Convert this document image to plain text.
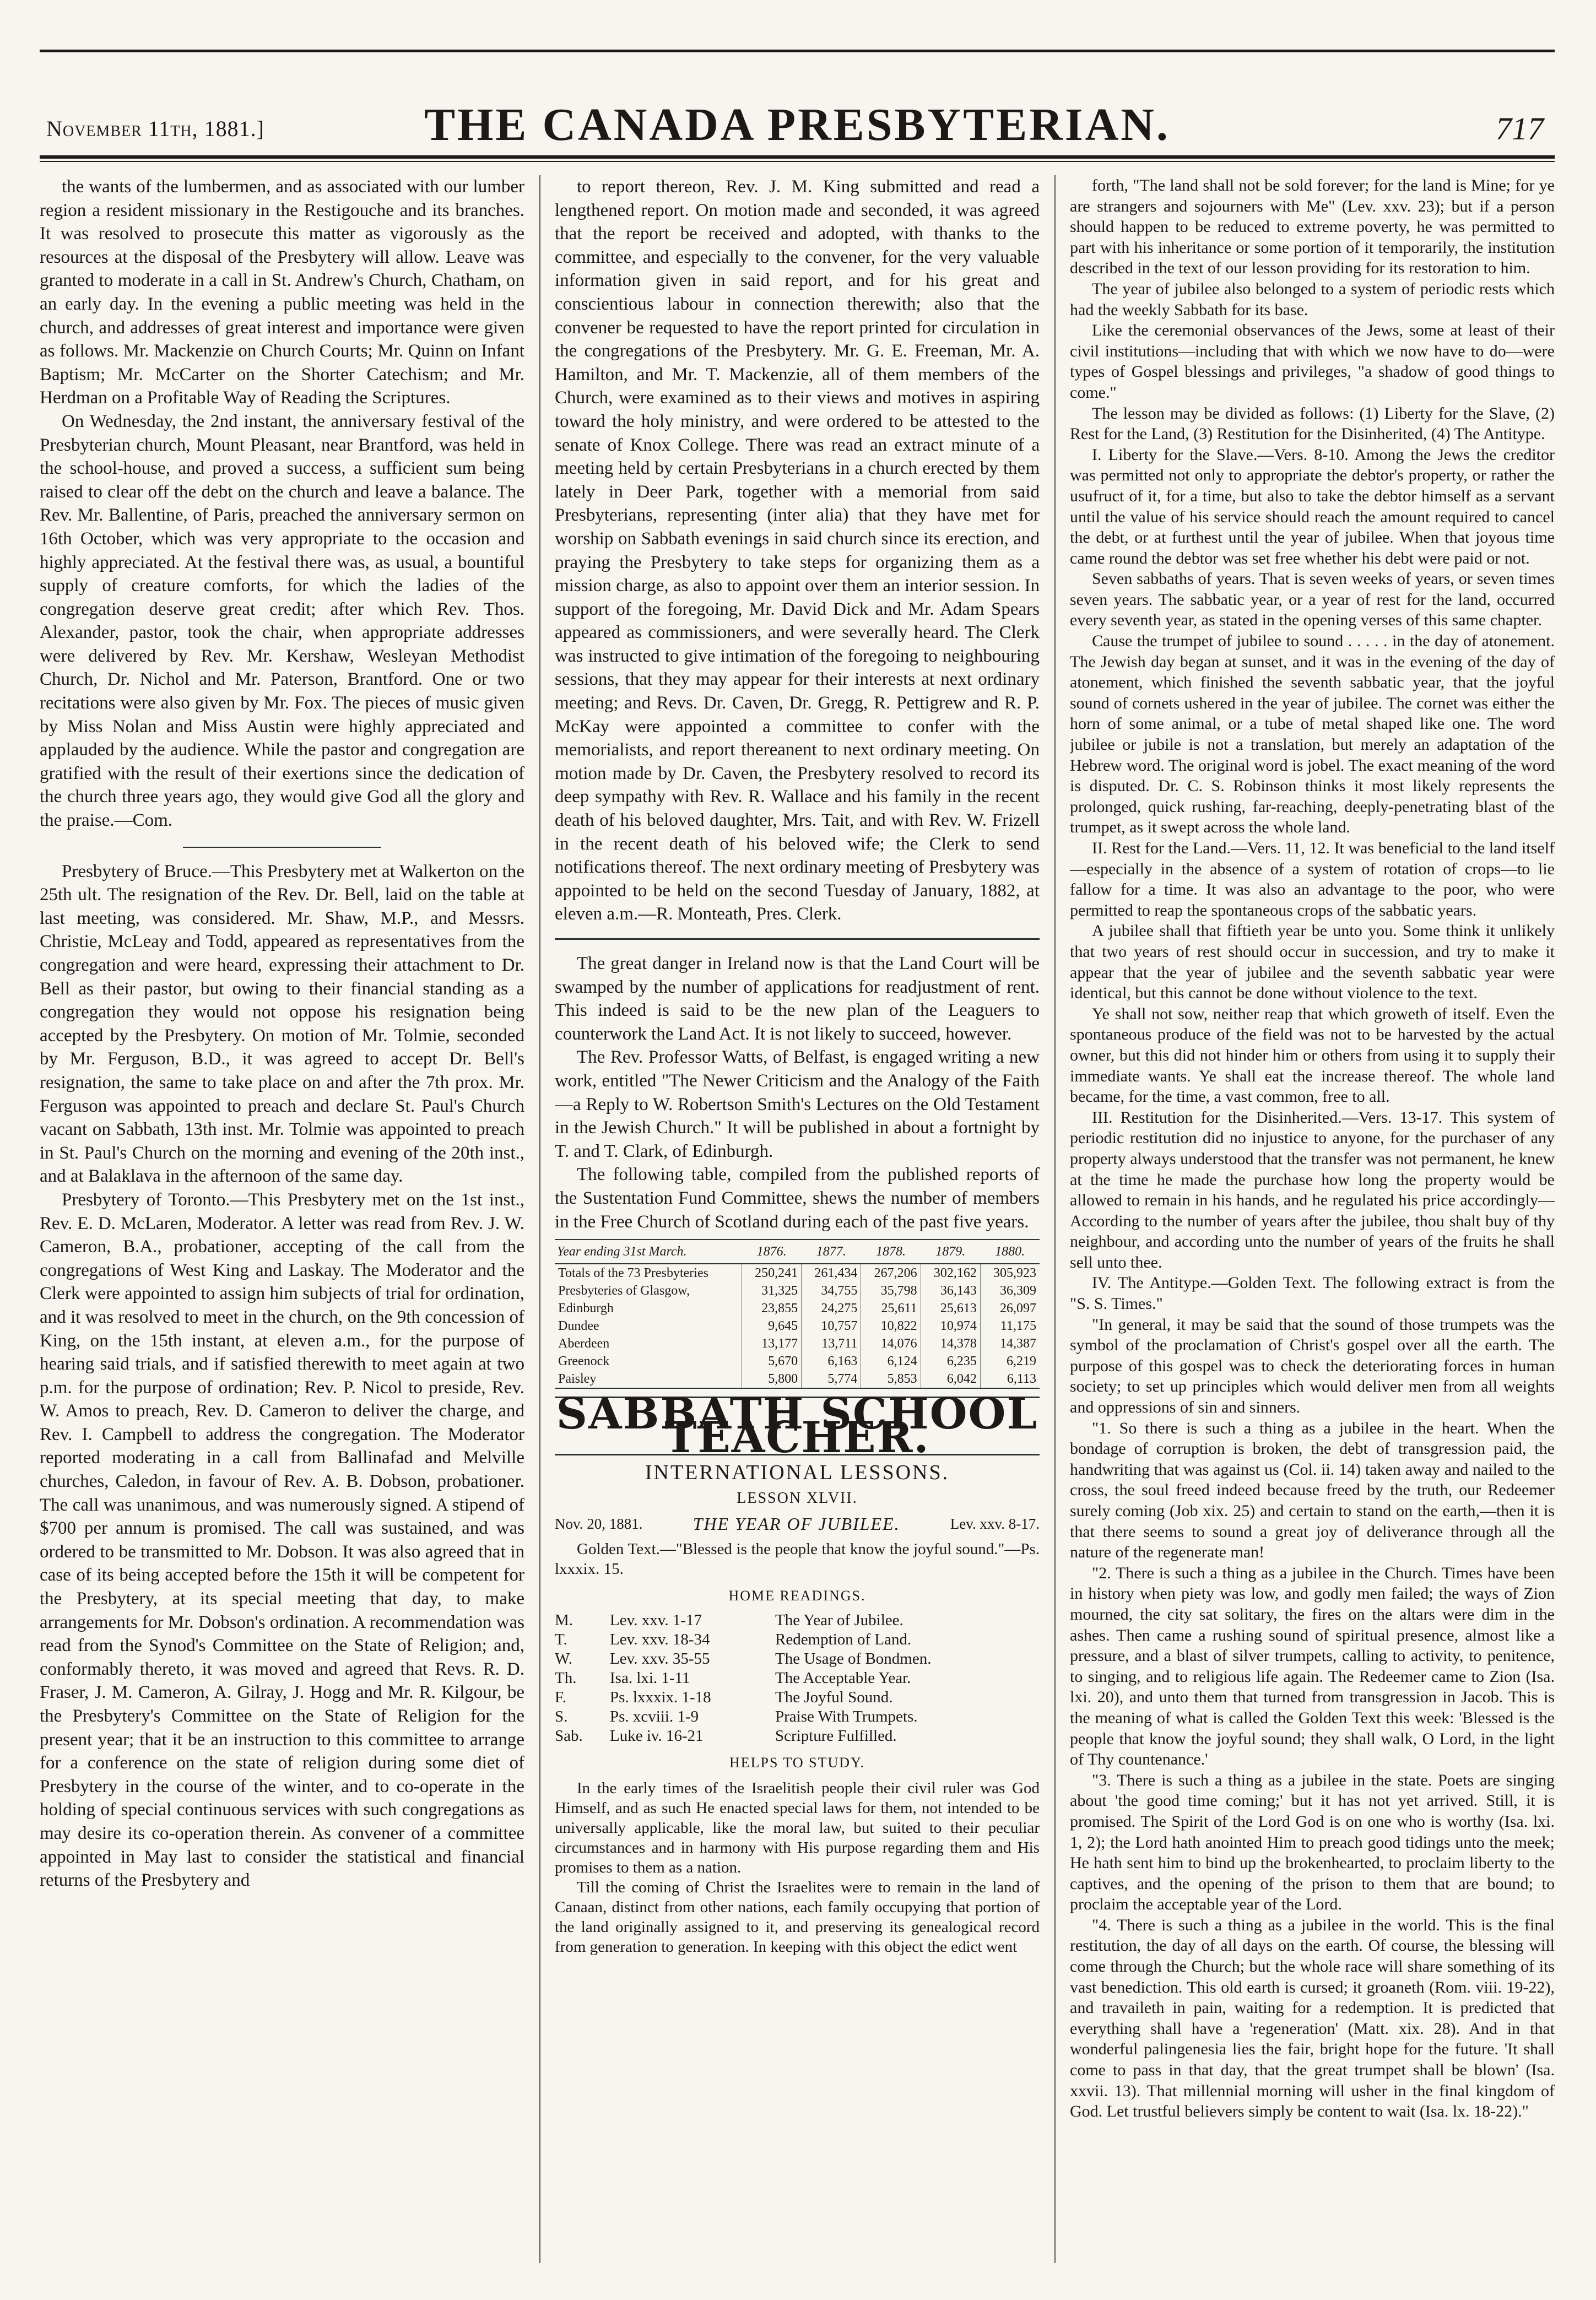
November 11th, 1881.]	THE CANADA PRESBYTERIAN.	717

the wants of the lumbermen, and as associated with our lumber region a resident missionary in the Restigouche and its branches. It was resolved to prosecute this matter as vigorously as the resources at the disposal of the Presbytery will allow. Leave was granted to moderate in a call in St. Andrew's Church, Chatham, on an early day. In the evening a public meeting was held in the church, and addresses of great interest and importance were given as follows. Mr. Mackenzie on Church Courts; Mr. Quinn on Infant Baptism; Mr. McCarter on the Shorter Catechism; and Mr. Herdman on a Profitable Way of Reading the Scriptures.

On Wednesday, the 2nd instant, the anniversary festival of the Presbyterian church, Mount Pleasant, near Brantford, was held in the school-house, and proved a success, a sufficient sum being raised to clear off the debt on the church and leave a balance. The Rev. Mr. Ballentine, of Paris, preached the anniversary sermon on 16th October, which was very appropriate to the occasion and highly appreciated. At the festival there was, as usual, a bountiful supply of creature comforts, for which the ladies of the congregation deserve great credit; after which Rev. Thos. Alexander, pastor, took the chair, when appropriate addresses were delivered by Rev. Mr. Kershaw, Wesleyan Methodist Church, Dr. Nichol and Mr. Paterson, Brantford. One or two recitations were also given by Mr. Fox. The pieces of music given by Miss Nolan and Miss Austin were highly appreciated and applauded by the audience. While the pastor and congregation are gratified with the result of their exertions since the dedication of the church three years ago, they would give God all the glory and the praise.—Com.

Presbytery of Bruce.—This Presbytery met at Walkerton on the 25th ult. The resignation of the Rev. Dr. Bell, laid on the table at last meeting, was considered. Mr. Shaw, M.P., and Messrs. Christie, McLeay and Todd, appeared as representatives from the congregation and were heard, expressing their attachment to Dr. Bell as their pastor, but owing to their financial standing as a congregation they would not oppose his resignation being accepted by the Presbytery. On motion of Mr. Tolmie, seconded by Mr. Ferguson, B.D., it was agreed to accept Dr. Bell's resignation, the same to take place on and after the 7th prox. Mr. Ferguson was appointed to preach and declare St. Paul's Church vacant on Sabbath, 13th inst. Mr. Tolmie was appointed to preach in St. Paul's Church on the morning and evening of the 20th inst., and at Balaklava in the afternoon of the same day.

Presbytery of Toronto.—This Presbytery met on the 1st inst., Rev. E. D. McLaren, Moderator. A letter was read from Rev. J. W. Cameron, B.A., probationer, accepting of the call from the congregations of West King and Laskay. The Moderator and the Clerk were appointed to assign him subjects of trial for ordination, and it was resolved to meet in the church, on the 9th concession of King, on the 15th instant, at eleven a.m., for the purpose of hearing said trials, and if satisfied therewith to meet again at two p.m. for the purpose of ordination; Rev. P. Nicol to preside, Rev. W. Amos to preach, Rev. D. Cameron to deliver the charge, and Rev. I. Campbell to address the congregation. The Moderator reported moderating in a call from Ballinafad and Melville churches, Caledon, in favour of Rev. A. B. Dobson, probationer. The call was unanimous, and was numerously signed. A stipend of $700 per annum is promised. The call was sustained, and was ordered to be transmitted to Mr. Dobson. It was also agreed that in case of its being accepted before the 15th it will be competent for the Presbytery, at its special meeting that day, to make arrangements for Mr. Dobson's ordination. A recommendation was read from the Synod's Committee on the State of Religion; and, conformably thereto, it was moved and agreed that Revs. R. D. Fraser, J. M. Cameron, A. Gilray, J. Hogg and Mr. R. Kilgour, be the Presbytery's Committee on the State of Religion for the present year; that it be an instruction to this committee to arrange for a conference on the state of religion during some diet of Presbytery in the course of the winter, and to co-operate in the holding of special continuous services with such congregations as may desire its co-operation therein. As convener of a committee appointed in May last to consider the statistical and financial returns of the Presbytery and

to report thereon, Rev. J. M. King submitted and read a lengthened report. On motion made and seconded, it was agreed that the report be received and adopted, with thanks to the committee, and especially to the convener, for the very valuable information given in said report, and for his great and conscientious labour in connection therewith; also that the convener be requested to have the report printed for circulation in the congregations of the Presbytery. Mr. G. E. Freeman, Mr. A. Hamilton, and Mr. T. Mackenzie, all of them members of the Church, were examined as to their views and motives in aspiring toward the holy ministry, and were ordered to be attested to the senate of Knox College. There was read an extract minute of a meeting held by certain Presbyterians in a church erected by them lately in Deer Park, together with a memorial from said Presbyterians, representing (inter alia) that they have met for worship on Sabbath evenings in said church since its erection, and praying the Presbytery to take steps for organizing them as a mission charge, as also to appoint over them an interior session. In support of the foregoing, Mr. David Dick and Mr. Adam Spears appeared as commissioners, and were severally heard. The Clerk was instructed to give intimation of the foregoing to neighbouring sessions, that they may appear for their interests at next ordinary meeting; and Revs. Dr. Caven, Dr. Gregg, R. Pettigrew and R. P. McKay were appointed a committee to confer with the memorialists, and report thereanent to next ordinary meeting. On motion made by Dr. Caven, the Presbytery resolved to record its deep sympathy with Rev. R. Wallace and his family in the recent death of his beloved daughter, Mrs. Tait, and with Rev. W. Frizell in the recent death of his beloved wife; the Clerk to send notifications thereof. The next ordinary meeting of Presbytery was appointed to be held on the second Tuesday of January, 1882, at eleven a.m.—R. Monteath, Pres. Clerk.

The great danger in Ireland now is that the Land Court will be swamped by the number of applications for readjustment of rent. This indeed is said to be the new plan of the Leaguers to counterwork the Land Act. It is not likely to succeed, however.

The Rev. Professor Watts, of Belfast, is engaged writing a new work, entitled "The Newer Criticism and the Analogy of the Faith—a Reply to W. Robertson Smith's Lectures on the Old Testament in the Jewish Church." It will be published in about a fortnight by T. and T. Clark, of Edinburgh.

The following table, compiled from the published reports of the Sustentation Fund Committee, shews the number of members in the Free Church of Scotland during each of the past five years.

Year ending 31st March.	1876.	1877.	1878.	1879.	1880.
Totals of the 73 Presbyteries	250,241	261,434	267,206	302,162	305,923
Presbyteries of Glasgow,	31,325	34,755	35,798	36,143	36,309
Edinburgh	23,855	24,275	25,611	25,613	26,097
Dundee	9,645	10,757	10,822	10,974	11,175
Aberdeen	13,177	13,711	14,076	14,378	14,387
Greenock	5,670	6,163	6,124	6,235	6,219
Paisley	5,800	5,774	5,853	6,042	6,113
SABBATH SCHOOL TEACHER.
INTERNATIONAL LESSONS.
LESSON XLVII.
Nov. 20, 1881.	THE YEAR OF JUBILEE.	Lev. xxv. 8-17.

Golden Text.—"Blessed is the people that know the joyful sound."—Ps. lxxxix. 15.

HOME READINGS.
M.	Lev. xxv. 1-17	The Year of Jubilee.
T.	Lev. xxv. 18-34	Redemption of Land.
W.	Lev. xxv. 35-55	The Usage of Bondmen.
Th.	Isa. lxi. 1-11	The Acceptable Year.
F.	Ps. lxxxix. 1-18	The Joyful Sound.
S.	Ps. xcviii. 1-9	Praise With Trumpets.
Sab.	Luke iv. 16-21	Scripture Fulfilled.
HELPS TO STUDY.

In the early times of the Israelitish people their civil ruler was God Himself, and as such He enacted special laws for them, not intended to be universally applicable, like the moral law, but suited to their peculiar circumstances and in harmony with His purpose regarding them and His promises to them as a nation.

Till the coming of Christ the Israelites were to remain in the land of Canaan, distinct from other nations, each family occupying that portion of the land originally assigned to it, and preserving its genealogical record from generation to generation. In keeping with this object the edict went

forth, "The land shall not be sold forever; for the land is Mine; for ye are strangers and sojourners with Me" (Lev. xxv. 23); but if a person should happen to be reduced to extreme poverty, he was permitted to part with his inheritance or some portion of it temporarily, the institution described in the text of our lesson providing for its restoration to him.

The year of jubilee also belonged to a system of periodic rests which had the weekly Sabbath for its base.

Like the ceremonial observances of the Jews, some at least of their civil institutions—including that with which we now have to do—were types of Gospel blessings and privileges, "a shadow of good things to come."

The lesson may be divided as follows: (1) Liberty for the Slave, (2) Rest for the Land, (3) Restitution for the Disinherited, (4) The Antitype.

I. Liberty for the Slave.—Vers. 8-10. Among the Jews the creditor was permitted not only to appropriate the debtor's property, or rather the usufruct of it, for a time, but also to take the debtor himself as a servant until the value of his service should reach the amount required to cancel the debt, or at furthest until the year of jubilee. When that joyous time came round the debtor was set free whether his debt were paid or not.

Seven sabbaths of years. That is seven weeks of years, or seven times seven years. The sabbatic year, or a year of rest for the land, occurred every seventh year, as stated in the opening verses of this same chapter.

Cause the trumpet of jubilee to sound . . . . . in the day of atonement. The Jewish day began at sunset, and it was in the evening of the day of atonement, which finished the seventh sabbatic year, that the joyful sound of cornets ushered in the year of jubilee. The cornet was either the horn of some animal, or a tube of metal shaped like one. The word jubilee or jubile is not a translation, but merely an adaptation of the Hebrew word. The original word is jobel. The exact meaning of the word is disputed. Dr. C. S. Robinson thinks it most likely represents the prolonged, quick rushing, far-reaching, deeply-penetrating blast of the trumpet, as it swept across the whole land.

II. Rest for the Land.—Vers. 11, 12. It was beneficial to the land itself—especially in the absence of a system of rotation of crops—to lie fallow for a time. It was also an advantage to the poor, who were permitted to reap the spontaneous crops of the sabbatic years.

A jubilee shall that fiftieth year be unto you. Some think it unlikely that two years of rest should occur in succession, and try to make it appear that the year of jubilee and the seventh sabbatic year were identical, but this cannot be done without violence to the text.

Ye shall not sow, neither reap that which groweth of itself. Even the spontaneous produce of the field was not to be harvested by the actual owner, but this did not hinder him or others from using it to supply their immediate wants. Ye shall eat the increase thereof. The whole land became, for the time, a vast common, free to all.

III. Restitution for the Disinherited.—Vers. 13-17. This system of periodic restitution did no injustice to anyone, for the purchaser of any property always understood that the transfer was not permanent, he knew at the time he made the purchase how long the property would be allowed to remain in his hands, and he regulated his price accordingly—According to the number of years after the jubilee, thou shalt buy of thy neighbour, and according unto the number of years of the fruits he shall sell unto thee.

IV. The Antitype.—Golden Text. The following extract is from the "S. S. Times."

"In general, it may be said that the sound of those trumpets was the symbol of the proclamation of Christ's gospel over all the earth. The purpose of this gospel was to check the deteriorating forces in human society; to set up principles which would deliver men from all weights and oppressions of sin and sinners.

"1. So there is such a thing as a jubilee in the heart. When the bondage of corruption is broken, the debt of transgression paid, the handwriting that was against us (Col. ii. 14) taken away and nailed to the cross, the soul freed indeed because freed by the truth, our Redeemer surely coming (Job xix. 25) and certain to stand on the earth,—then it is that there seems to sound a great joy of deliverance through all the nature of the regenerate man!

"2. There is such a thing as a jubilee in the Church. Times have been in history when piety was low, and godly men failed; the ways of Zion mourned, the city sat solitary, the fires on the altars were dim in the ashes. Then came a rushing sound of spiritual presence, almost like a pressure, and a blast of silver trumpets, calling to activity, to penitence, to singing, and to religious life again. The Redeemer came to Zion (Isa. lxi. 20), and unto them that turned from transgression in Jacob. This is the meaning of what is called the Golden Text this week: 'Blessed is the people that know the joyful sound; they shall walk, O Lord, in the light of Thy countenance.'

"3. There is such a thing as a jubilee in the state. Poets are singing about 'the good time coming;' but it has not yet arrived. Still, it is promised. The Spirit of the Lord God is on one who is worthy (Isa. lxi. 1, 2); the Lord hath anointed Him to preach good tidings unto the meek; He hath sent him to bind up the brokenhearted, to proclaim liberty to the captives, and the opening of the prison to them that are bound; to proclaim the acceptable year of the Lord.

"4. There is such a thing as a jubilee in the world. This is the final restitution, the day of all days on the earth. Of course, the blessing will come through the Church; but the whole race will share something of its vast benediction. This old earth is cursed; it groaneth (Rom. viii. 19-22), and travaileth in pain, waiting for a redemption. It is predicted that everything shall have a 'regeneration' (Matt. xix. 28). And in that wonderful palingenesia lies the fair, bright hope for the future. 'It shall come to pass in that day, that the great trumpet shall be blown' (Isa. xxvii. 13). That millennial morning will usher in the final kingdom of God. Let trustful believers simply be content to wait (Isa. lx. 18-22)."
